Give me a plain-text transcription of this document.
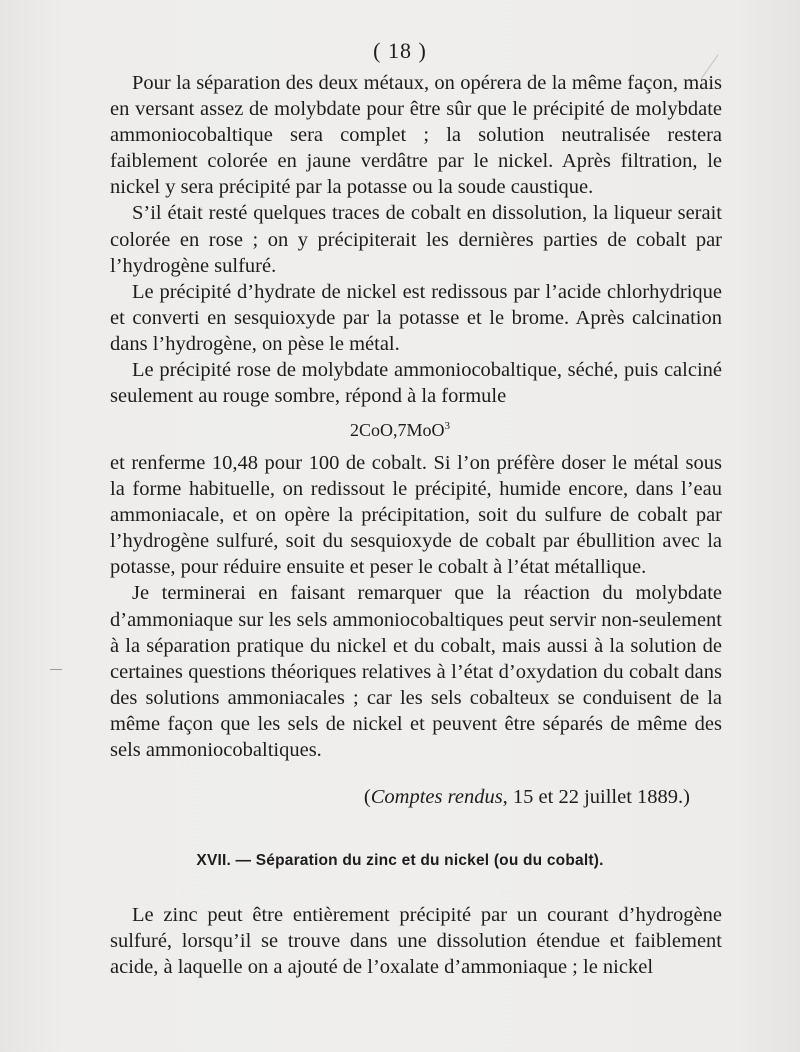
( 18 )

Pour la séparation des deux métaux, on opérera de la même façon, mais en versant assez de molybdate pour être sûr que le précipité de molybdate ammoniocobaltique sera complet ; la solution neutralisée restera faiblement colorée en jaune verdâtre par le nickel. Après filtration, le nickel y sera précipité par la potasse ou la soude caustique.

S’il était resté quelques traces de cobalt en dissolution, la liqueur serait colorée en rose ; on y précipiterait les dernières parties de cobalt par l’hydrogène sulfuré.

Le précipité d’hydrate de nickel est redissous par l’acide chlorhydrique et converti en sesquioxyde par la potasse et le brome. Après calcination dans l’hydrogène, on pèse le métal.

Le précipité rose de molybdate ammoniocobaltique, séché, puis calciné seulement au rouge sombre, répond à la formule

2CoO,7MoO$^3$

et renferme 10,48 pour 100 de cobalt. Si l’on préfère doser le métal sous la forme habituelle, on redissout le précipité, humide encore, dans l’eau ammoniacale, et on opère la précipitation, soit du sulfure de cobalt par l’hydrogène sulfuré, soit du sesquioxyde de cobalt par ébullition avec la potasse, pour réduire ensuite et peser le cobalt à l’état métallique.

Je terminerai en faisant remarquer que la réaction du molybdate d’ammoniaque sur les sels ammoniocobaltiques peut servir non-seulement à la séparation pratique du nickel et du cobalt, mais aussi à la solution de certaines questions théoriques relatives à l’état d’oxydation du cobalt dans des solutions ammoniacales ; car les sels cobalteux se conduisent de la même façon que les sels de nickel et peuvent être séparés de même des sels ammoniocobaltiques.

(Comptes rendus, 15 et 22 juillet 1889.)
XVII. — Séparation du zinc et du nickel (ou du cobalt).

Le zinc peut être entièrement précipité par un courant d’hydrogène sulfuré, lorsqu’il se trouve dans une dissolution étendue et faiblement acide, à laquelle on a ajouté de l’oxalate d’ammoniaque ; le nickel
